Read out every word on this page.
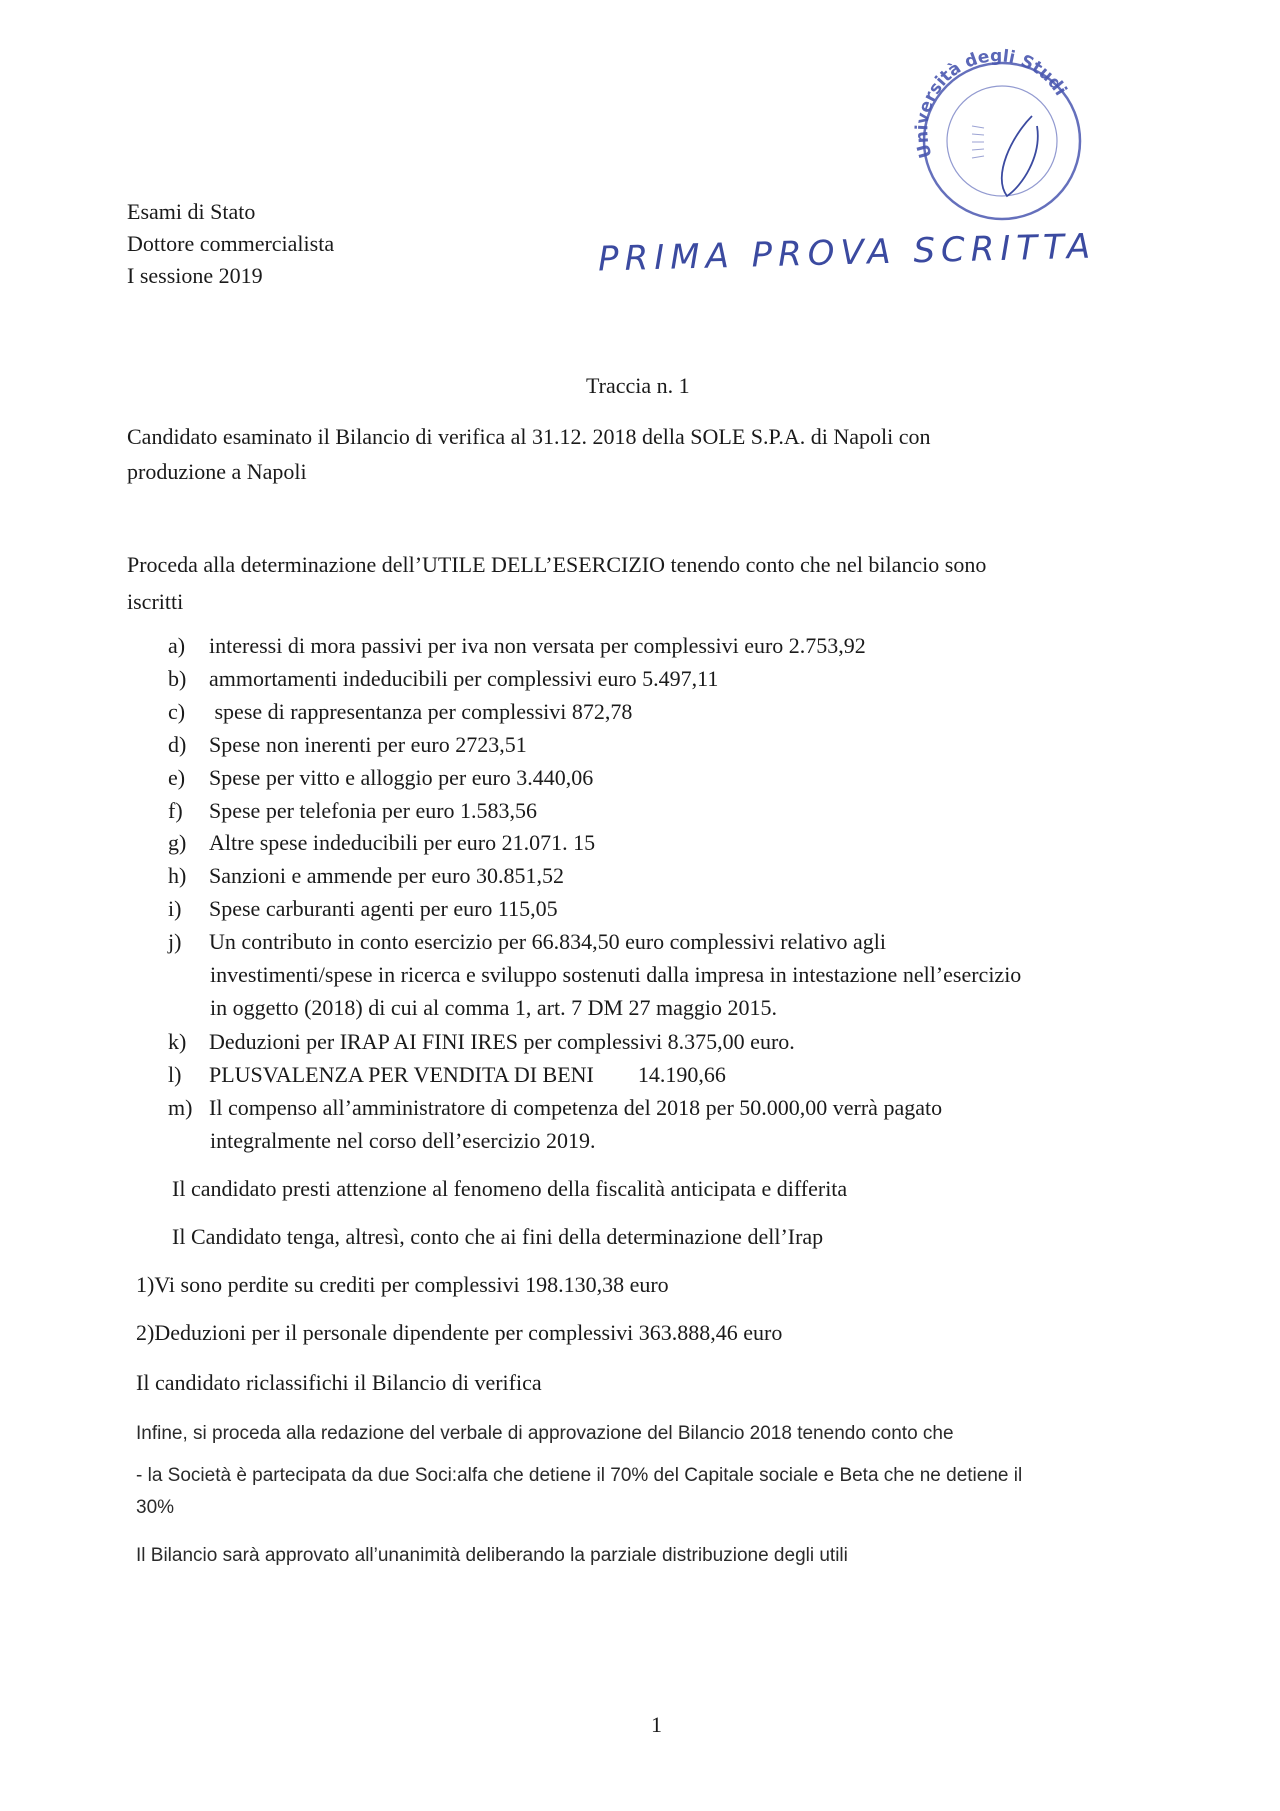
Esami di Stato
Dottore commercialista
I sessione 2019	PRIMA PROVA SCRITTA
Università degli Studi
Traccia n. 1
Candidato esaminato il Bilancio di verifica al 31.12. 2018 della SOLE S.P.A. di Napoli con
produzione a Napoli
Proceda alla determinazione dell’UTILE DELL’ESERCIZIO tenendo conto che nel bilancio sono
iscritti
a) interessi di mora passivi per iva non versata per complessivi euro 2.753,92
b) ammortamenti indeducibili per complessivi euro 5.497,11
c) spese di rappresentanza per complessivi 872,78
d) Spese non inerenti per euro 2723,51
e) Spese per vitto e alloggio per euro 3.440,06
f) Spese per telefonia per euro 1.583,56
g) Altre spese indeducibili per euro 21.071. 15
h) Sanzioni e ammende per euro 30.851,52
i) Spese carburanti agenti per euro 115,05
j) Un contributo in conto esercizio per 66.834,50 euro complessivi relativo agli
investimenti/spese in ricerca e sviluppo sostenuti dalla impresa in intestazione nell’esercizio
in oggetto (2018) di cui al comma 1, art. 7 DM 27 maggio 2015.
k) Deduzioni per IRAP AI FINI IRES per complessivi 8.375,00 euro.
l) PLUSVALENZA PER VENDITA DI BENI        14.190,66
m) Il compenso all’amministratore di competenza del 2018 per 50.000,00 verrà pagato
integralmente nel corso dell’esercizio 2019.
Il candidato presti attenzione al fenomeno della fiscalità anticipata e differita
Il Candidato tenga, altresì, conto che ai fini della determinazione dell’Irap
1)Vi sono perdite su crediti per complessivi 198.130,38 euro
2)Deduzioni per il personale dipendente per complessivi 363.888,46 euro
Il candidato riclassifichi il Bilancio di verifica
Infine, si proceda alla redazione del verbale di approvazione del Bilancio 2018 tenendo conto che
- la Società è partecipata da due Soci:alfa che detiene il 70% del Capitale sociale e Beta che ne detiene il
30%
Il Bilancio sarà approvato all’unanimità deliberando la parziale distribuzione degli utili
1
